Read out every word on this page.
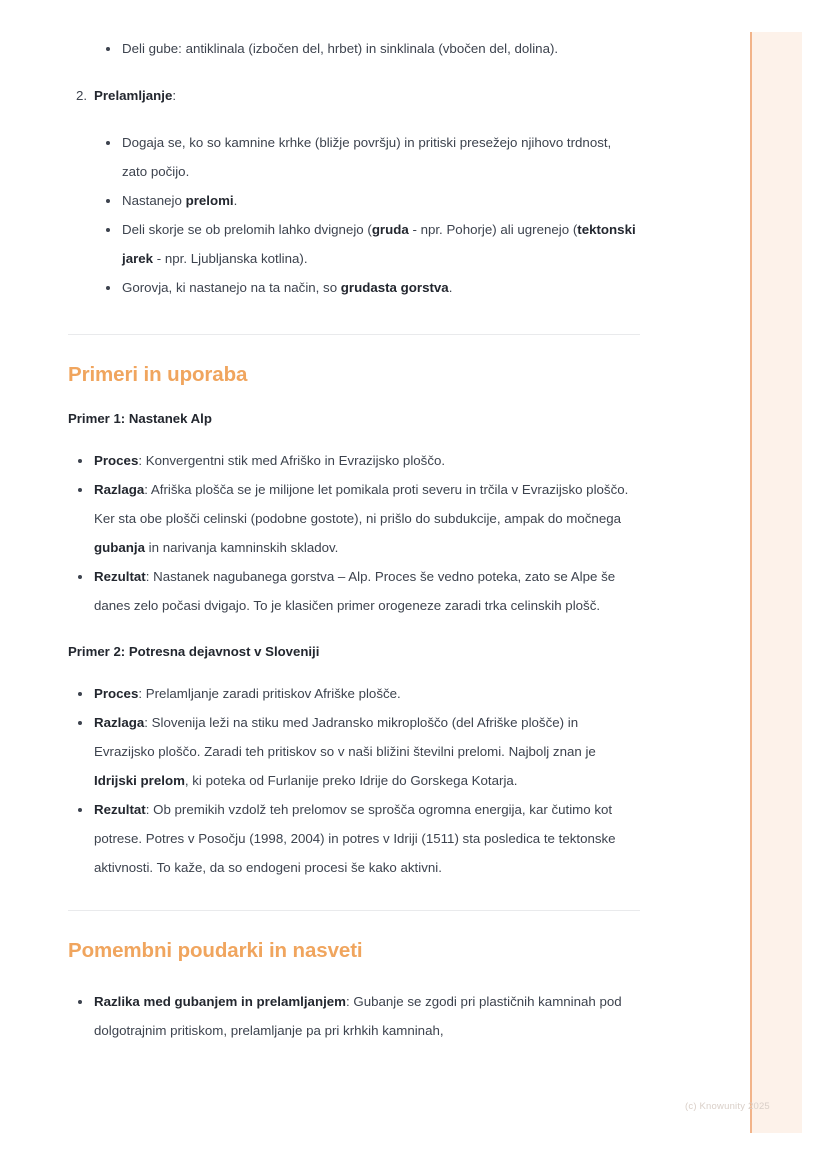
Deli gube: antiklinala (izbočen del, hrbet) in sinklinala (vbočen del, dolina).
2. Prelamljanje:
Dogaja se, ko so kamnine krhke (bližje površju) in pritiski presežejo njihovo trdnost, zato počijo.
Nastanejo prelomi.
Deli skorje se ob prelomih lahko dvignejo (gruda - npr. Pohorje) ali ugrenejo (tektonski jarek - npr. Ljubljanska kotlina).
Gorovja, ki nastanejo na ta način, so grudasta gorstva.
Primeri in uporaba
Primer 1: Nastanek Alp
Proces: Konvergentni stik med Afriško in Evrazijsko ploščo.
Razlaga: Afriška plošča se je milijone let pomikala proti severu in trčila v Evrazijsko ploščo. Ker sta obe plošči celinski (podobne gostote), ni prišlo do subdukcije, ampak do močnega gubanja in narivanja kamninskih skladov.
Rezultat: Nastanek nagubanega gorstva – Alp. Proces še vedno poteka, zato se Alpe še danes zelo počasi dvigajo. To je klasičen primer orogeneze zaradi trka celinskih plošč.
Primer 2: Potresna dejavnost v Sloveniji
Proces: Prelamljanje zaradi pritiskov Afriške plošče.
Razlaga: Slovenija leži na stiku med Jadransko mikroploščo (del Afriške plošče) in Evrazijsko ploščo. Zaradi teh pritiskov so v naši bližini številni prelomi. Najbolj znan je Idrijski prelom, ki poteka od Furlanije preko Idrije do Gorskega Kotarja.
Rezultat: Ob premikih vzdolž teh prelomov se sprošča ogromna energija, kar čutimo kot potrese. Potres v Posočju (1998, 2004) in potres v Idriji (1511) sta posledica te tektonske aktivnosti. To kaže, da so endogeni procesi še kako aktivni.
Pomembni poudarki in nasveti
Razlika med gubanjem in prelamljanjem: Gubanje se zgodi pri plastičnih kamninah pod dolgotrajnim pritiskom, prelamljanje pa pri krhkih kamninah,
(c) Knowunity 2025
